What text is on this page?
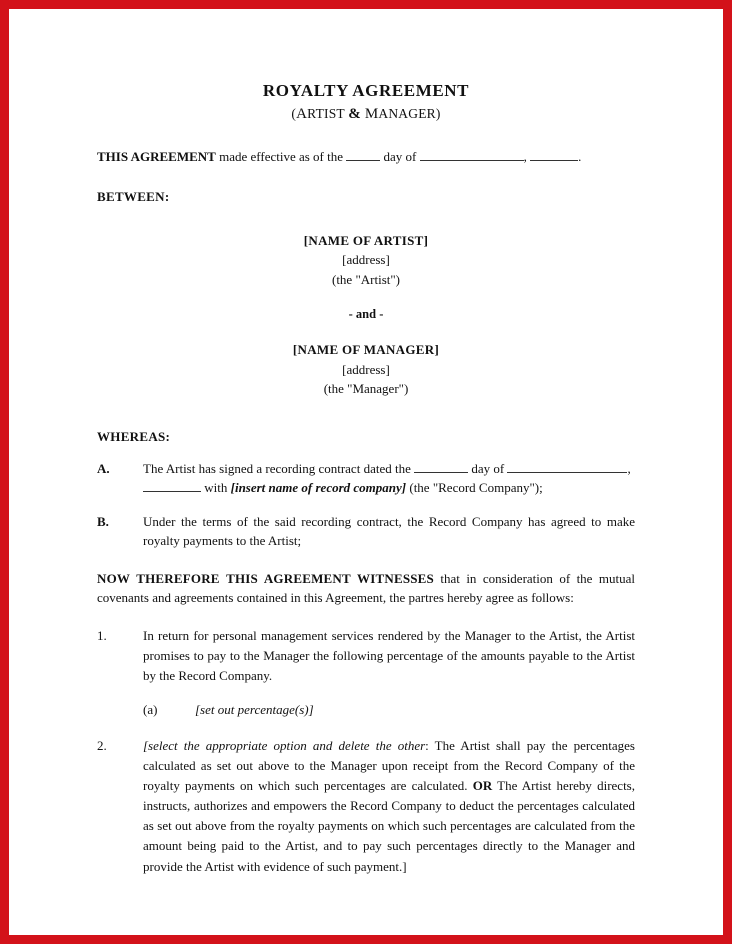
ROYALTY AGREEMENT
(ARTIST & MANAGER)

THIS AGREEMENT made effective as of the	day of	,	.

BETWEEN:

[NAME OF ARTIST]
[address]
(the "Artist")
- and -
[NAME OF MANAGER]
[address]
(the "Manager")

WHEREAS:

A.	The Artist has signed a recording contract dated the	day of	,
with [insert name of record company] (the "Record Company");
B.	Under the terms of the said recording contract, the Record Company has agreed to make royalty payments to the Artist;

NOW THEREFORE THIS AGREEMENT WITNESSES that in consideration of the mutual covenants and agreements contained in this Agreement, the partres hereby agree as follows:

1.	In return for personal management services rendered by the Manager to the Artist, the Artist promises to pay to the Manager the following percentage of the amounts payable to the Artist by the Record Company.
(a)	[set out percentage(s)]
2.	[select the appropriate option and delete the other: The Artist shall pay the percentages calculated as set out above to the Manager upon receipt from the Record Company of the royalty payments on which such percentages are calculated. OR The Artist hereby directs, instructs, authorizes and empowers the Record Company to deduct the percentages calculated as set out above from the royalty payments on which such percentages are calculated from the amount being paid to the Artist, and to pay such percentages directly to the Manager and provide the Artist with evidence of such payment.]
